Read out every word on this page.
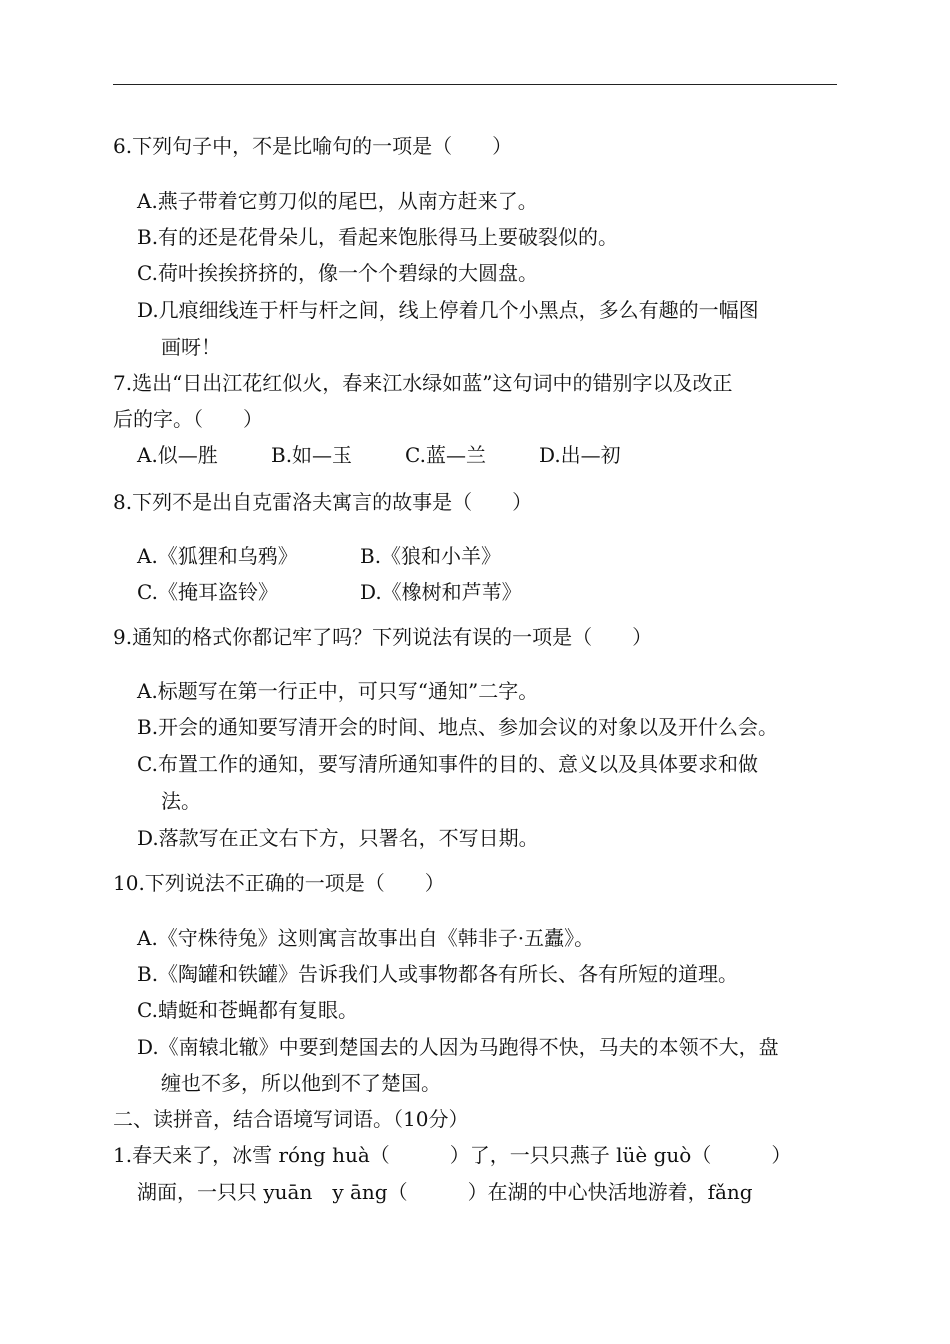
6.下列句子中，不是比喻句的一项是（　　）
A.燕子带着它剪刀似的尾巴，从南方赶来了。
B.有的还是花骨朵儿，看起来饱胀得马上要破裂似的。
C.荷叶挨挨挤挤的，像一个个碧绿的大圆盘。
D.几痕细线连于杆与杆之间，线上停着几个小黑点，多么有趣的一幅图
画呀！
7.选出“日出江花红似火，春来江水绿如蓝”这句词中的错别字以及改正
后的字。（　　）
A.似—胜	B.如—玉	C.蓝—兰	D.出—初
8.下列不是出自克雷洛夫寓言的故事是（　　）
A.《狐狸和乌鸦》	B.《狼和小羊》
C.《掩耳盗铃》	D.《橡树和芦苇》
9.通知的格式你都记牢了吗？下列说法有误的一项是（　　）
A.标题写在第一行正中，可只写“通知”二字。
B.开会的通知要写清开会的时间、地点、参加会议的对象以及开什么会。
C.布置工作的通知，要写清所通知事件的目的、意义以及具体要求和做
法。
D.落款写在正文右下方，只署名，不写日期。
10.下列说法不正确的一项是（　　）
A.《守株待兔》这则寓言故事出自《韩非子·五蠹》。
B.《陶罐和铁罐》告诉我们人或事物都各有所长、各有所短的道理。
C.蜻蜓和苍蝇都有复眼。
D.《南辕北辙》中要到楚国去的人因为马跑得不快，马夫的本领不大，盘
缠也不多，所以他到不了楚国。
二、读拼音，结合语境写词语。（10分）
1.春天来了，冰雪 róng huà（　　　）了，一只只燕子 lüè guò（　　　）
湖面，一只只 yuān　y āng（　　　）在湖的中心快活地游着，fǎng
